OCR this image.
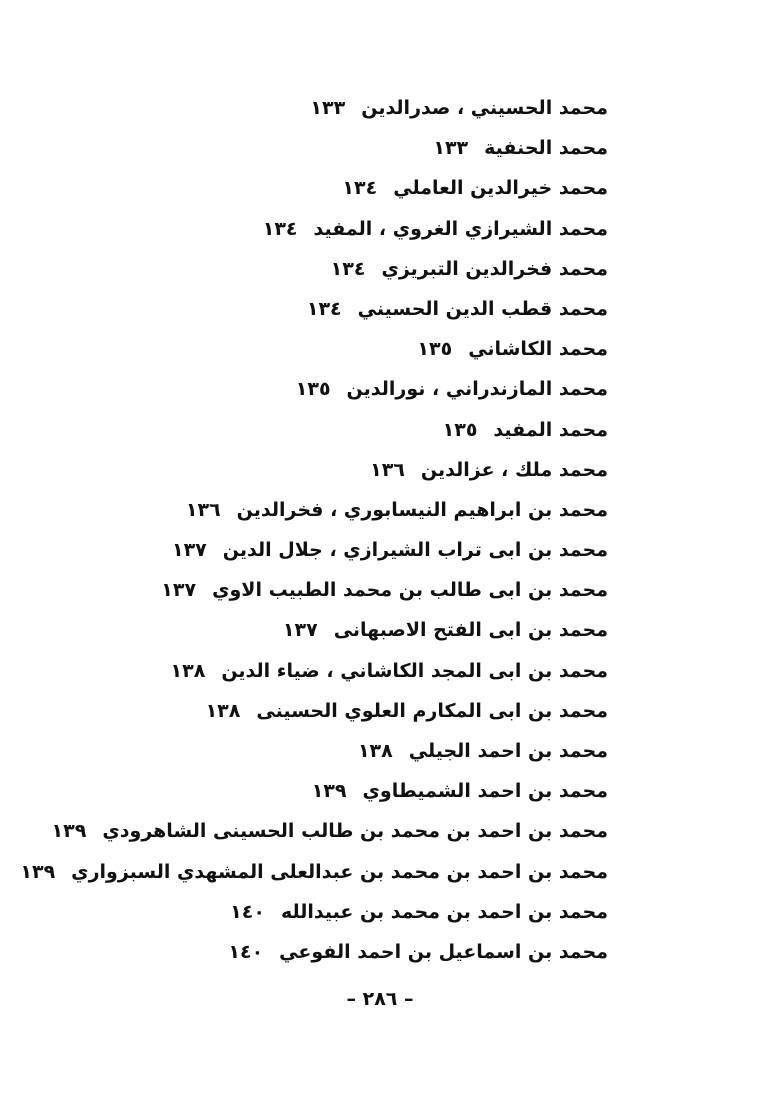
محمد الحسيني ، صدرالدين١٣٣
محمد الحنفية١٣٣
محمد خيرالدين العاملي١٣٤
محمد الشيرازي الغروي ، المفيد١٣٤
محمد فخرالدين التبريزي١٣٤
محمد قطب الدين الحسيني١٣٤
محمد الكاشاني١٣٥
محمد المازندراني ، نورالدين١٣٥
محمد المفيد١٣٥
محمد ملك ، عزالدين١٣٦
محمد بن ابراهيم النيسابوري ، فخرالدين١٣٦
محمد بن ابى تراب الشيرازي ، جلال الدين١٣٧
محمد بن ابى طالب بن محمد الطبيب الاوي١٣٧
محمد بن ابى الفتح الاصبهانى١٣٧
محمد بن ابى المجد الكاشاني ، ضياء الدين١٣٨
محمد بن ابى المكارم العلوي الحسينى١٣٨
محمد بن احمد الجيلي١٣٨
محمد بن احمد الشميطاوي١٣٩
محمد بن احمد بن محمد بن طالب الحسينى الشاهرودي١٣٩
محمد بن احمد بن محمد بن عبدالعلى المشهدي السبزواري١٣٩
محمد بن احمد بن محمد بن عبيدالله١٤٠
محمد بن اسماعيل بن احمد الفوعي١٤٠
– ٢٨٦ –
